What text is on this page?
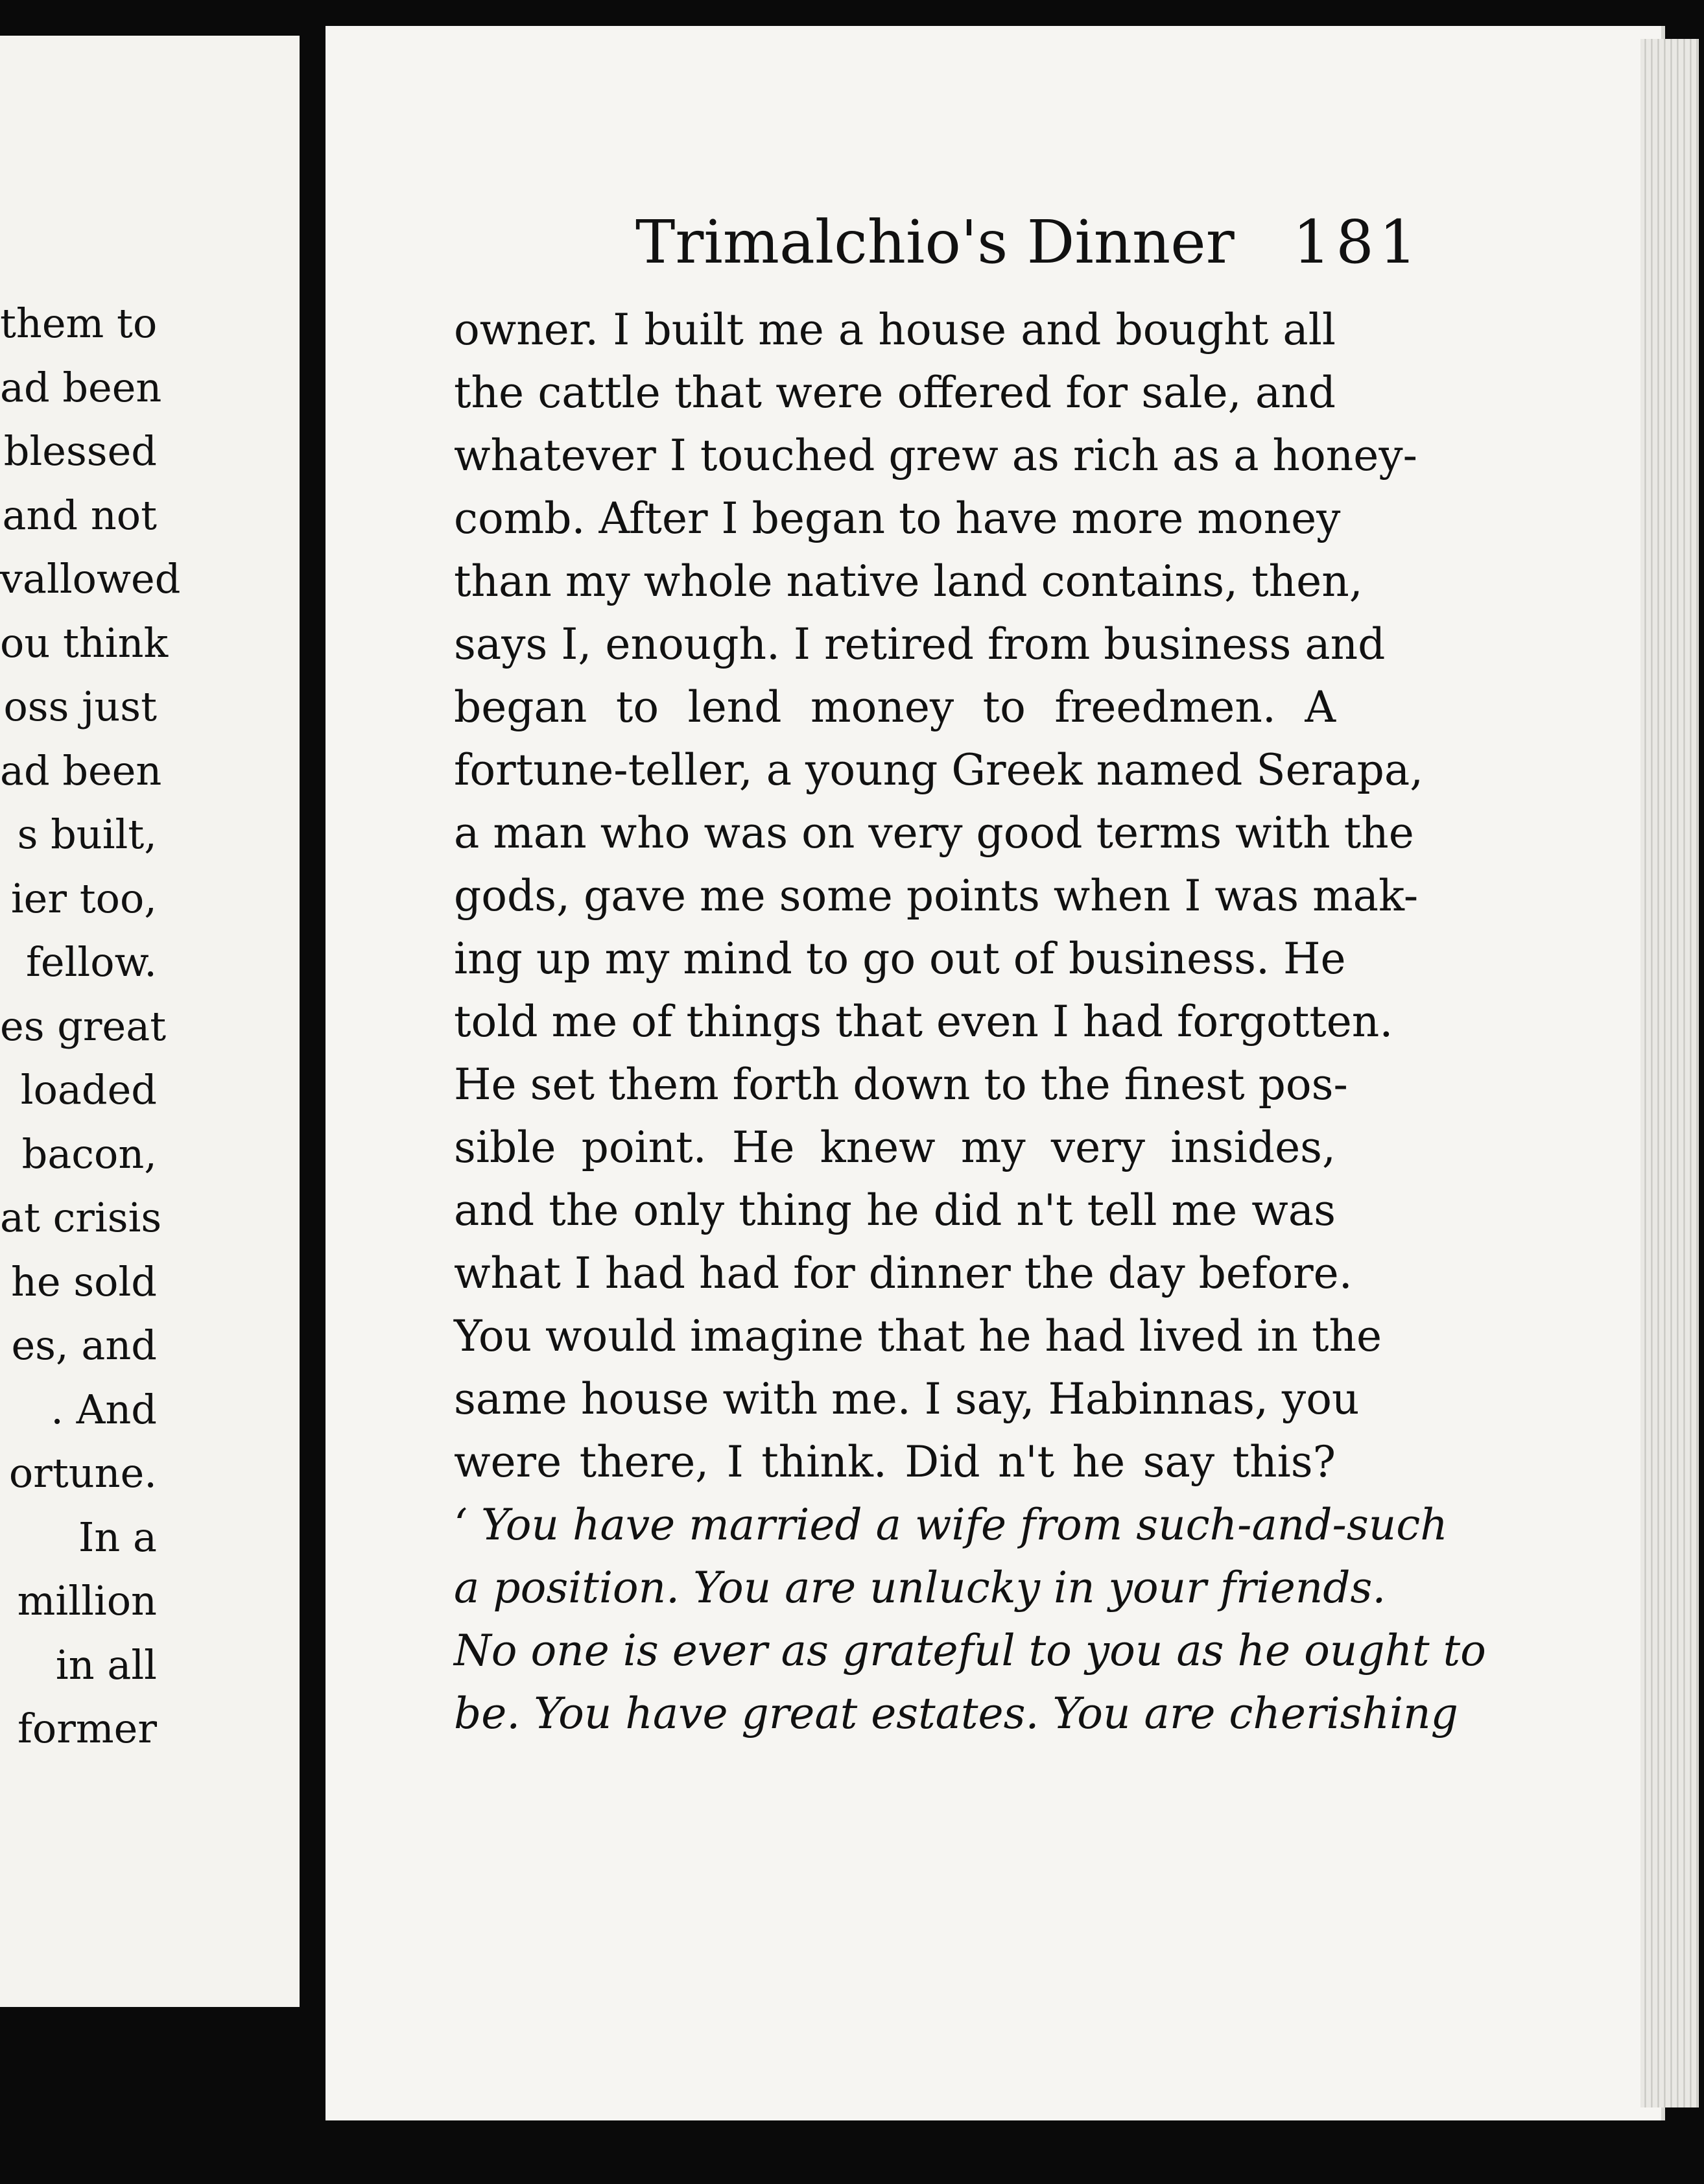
them to
ad been
blessed
and not
vallowed
ou think
oss just
ad been
s built,
ier too,
fellow.
es great
loaded
bacon,
at crisis
he sold
es, and
. And
ortune.
In a
million
in all
former
Trimalchio's Dinner 181
owner. I built me a house and bought all
the cattle that were offered for sale, and
whatever I touched grew as rich as a honey-
comb. After I began to have more money
than my whole native land contains, then,
says I, enough. I retired from business and
began to lend money to freedmen. A
fortune-teller, a young Greek named Serapa,
a man who was on very good terms with the
gods, gave me some points when I was mak-
ing up my mind to go out of business. He
told me of things that even I had forgotten.
He set them forth down to the finest pos-
sible point. He knew my very insides,
and the only thing he did n't tell me was
what I had had for dinner the day before.
You would imagine that he had lived in the
same house with me. I say, Habinnas, you
were there, I think. Did n't he say this?
‘ You have married a wife from such-and-such
a position. You are unlucky in your friends.
No one is ever as grateful to you as he ought to
be. You have great estates. You are cherishing
